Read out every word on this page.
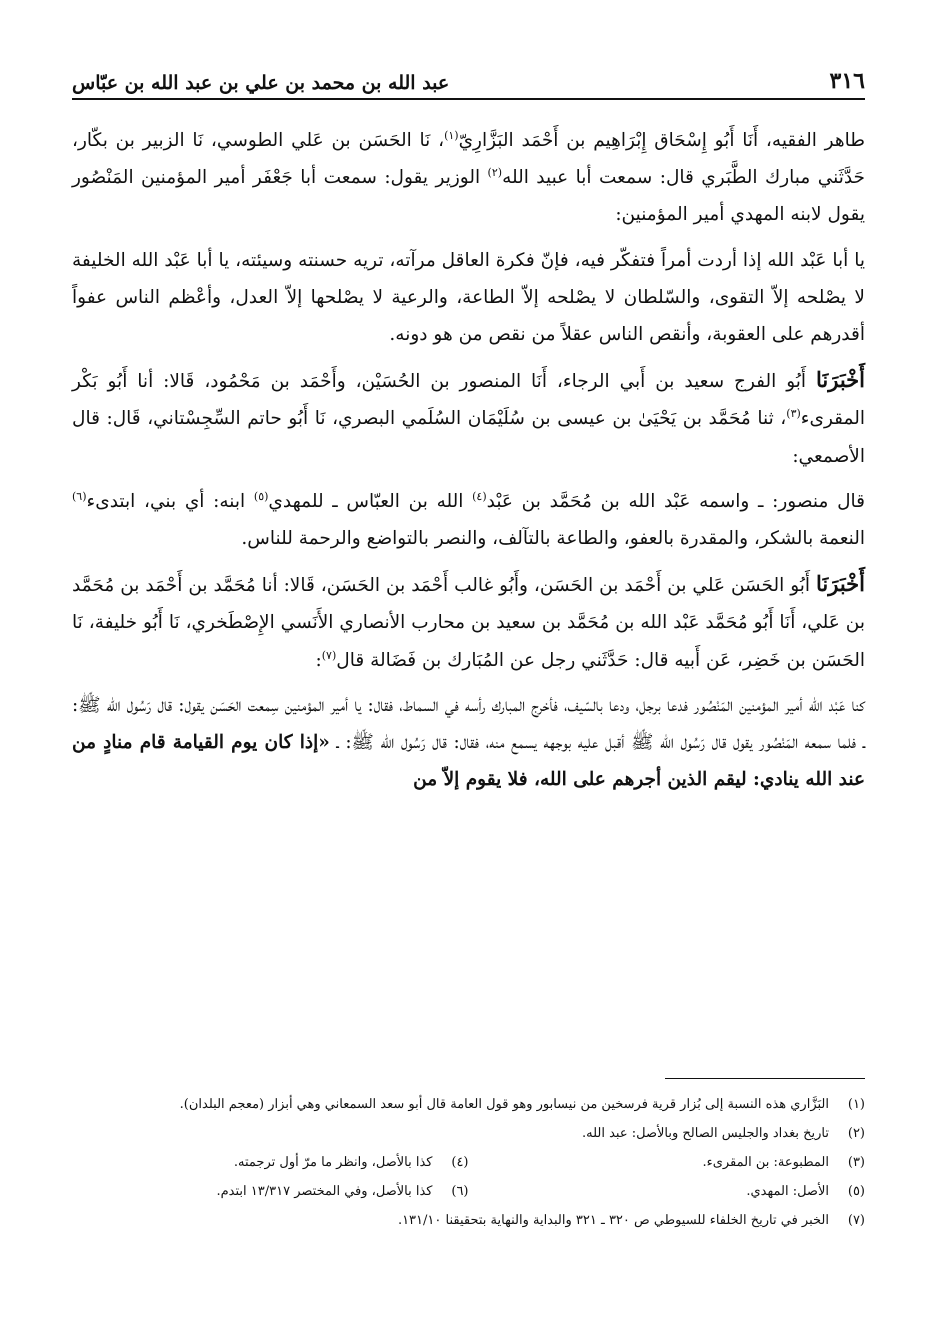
٣١٦
عبد الله بن محمد بن علي بن عبد الله بن عبّاس

طاهر الفقيه، أَنَا أَبُو إِسْحَاق إِبْرَاهِيم بن أَحْمَد البَزَّارِيّ$^{(١)}$، نَا الحَسَن بن عَلي الطوسي، نَا الزبير بن بكّار، حَدَّثَني مبارك الطَّبَري قال: سمعت أبا عبيد الله$^{(٢)}$ الوزير يقول: سمعت أبا جَعْفَر أمير المؤمنين المَنْصُور يقول لابنه المهدي أمير المؤمنين:

يا أبا عَبْد الله إذا أردت أمراً فتفكّر فيه، فإنّ فكرة العاقل مرآته، تريه حسنته وسيئته، يا أبا عَبْد الله الخليفة لا يصْلحه إلاّ التقوى، والسّلطان لا يصْلحه إلاّ الطاعة، والرعية لا يصْلحها إلاّ العدل، وأعْظم الناس عفواً أقدرهم على العقوبة، وأنقص الناس عقلاً من نقص من هو دونه.

أَخْبَرَنَا أَبُو الفرج سعيد بن أَبي الرجاء، أَنَا المنصور بن الحُسَيْن، وأَحْمَد بن مَحْمُود، قَالا: أنا أَبُو بَكْر المقرىء$^{(٣)}$، ثنا مُحَمَّد بن يَحْيَىٰ بن عيسى بن سُلَيْمَان السُلَمي البصري، نَا أَبُو حاتم السِّجِسْتاني، قَال: قال الأصمعي:

قال منصور: ـ واسمه عَبْد الله بن مُحَمَّد بن عَبْد$^{(٤)}$ الله بن العبّاس ـ للمهدي$^{(٥)}$ ابنه: أي بني، ابتدىء$^{(٦)}$ النعمة بالشكر، والمقدرة بالعفو، والطاعة بالتآلف، والنصر بالتواضع والرحمة للناس.

أَخْبَرَنَا أَبُو الحَسَن عَلي بن أَحْمَد بن الحَسَن، وأَبُو غالب أَحْمَد بن الحَسَن، قَالا: أنا مُحَمَّد بن أَحْمَد بن مُحَمَّد بن عَلي، أَنَا أَبُو مُحَمَّد عَبْد الله بن مُحَمَّد بن سعيد بن محارب الأنصاري الأَنَسي الإِصْطَخري، نَا أَبُو خليفة، نَا الحَسَن بن خَضِر، عَن أَبيه قال: حَدَّثَني رجل عن المُبَارك بن فَضَالة قال$^{(٧)}$:

كنا عَبْد الله أمير المؤمنين المَنْصُور فدعا برجل، ودعا بالسّيف، فأخرج المبارك رأسه في السماط، فقال: يا أمير المؤمنين سِمعت الحَسَن يقول: قال رَسُول الله ﷺ: ـ فلما سمعه المَنْصُور يقول قال رَسُول الله ﷺ أقبل عليه بوجهه يسمع منه، فقال: قال رَسُول الله ﷺ: ـ «إذا كان يوم القيامة قام منادٍ من عند الله ينادي: ليقم الذين أجرهم على الله، فلا يقوم إلاّ من

(١)
البَزَّاري هذه النسبة إلى بُزار قرية فرسخين من نيسابور وهو قول العامة قال أبو سعد السمعاني وهي أبزار (معجم البلدان).
(٢)
تاريخ بغداد والجليس الصالح وبالأصل: عبد الله.
(٣)
المطبوعة: بن المقرىء.
(٤)
كذا بالأصل، وانظر ما مرّ أول ترجمته.
(٥)
الأصل: المهدي.
(٦)
كذا بالأصل، وفي المختصر ١٣/٣١٧ ابتدم.
(٧)
الخبر في تاريخ الخلفاء للسيوطي ص ٣٢٠ ـ ٣٢١ والبداية والنهاية بتحقيقنا ١٣١/١٠.
